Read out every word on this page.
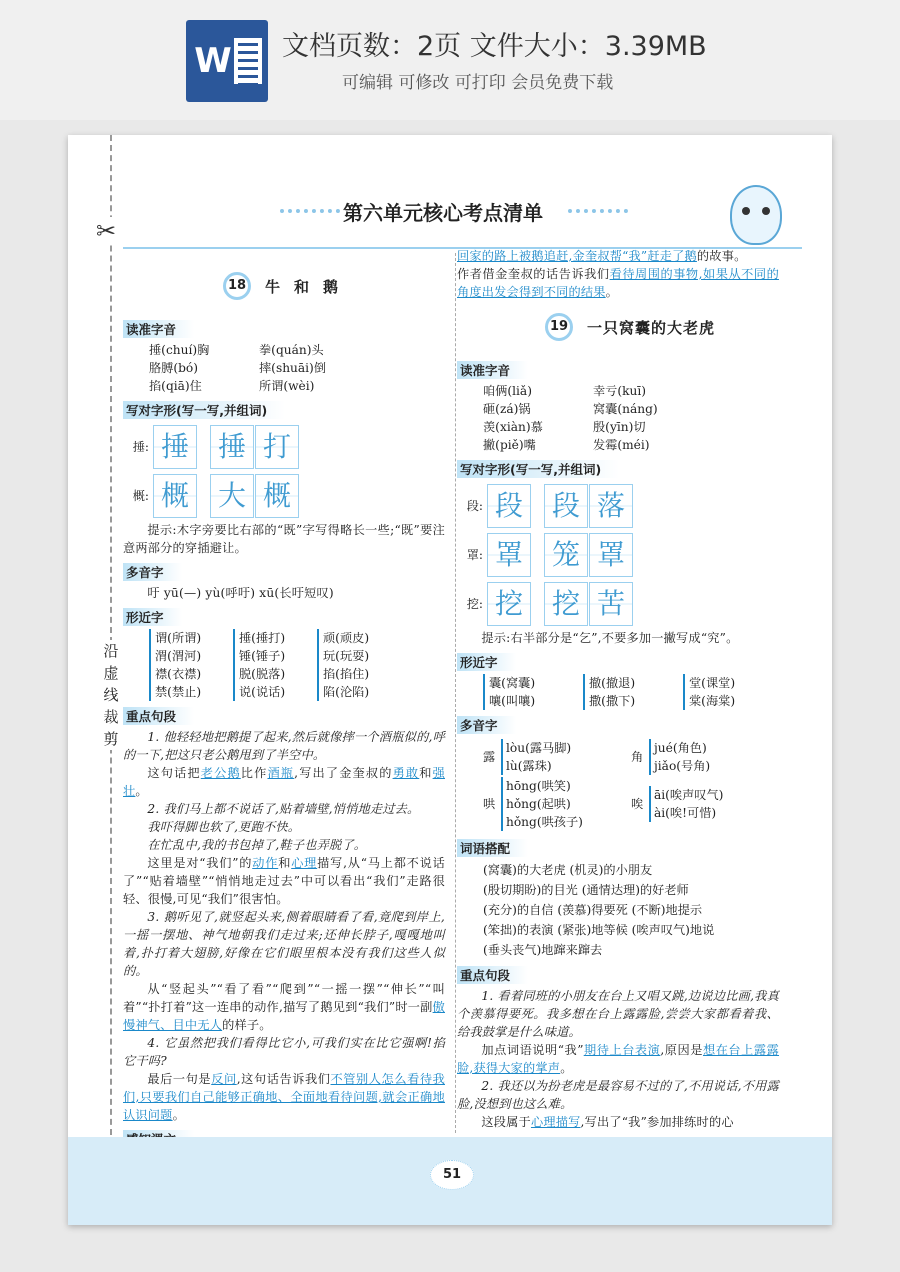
W 文档页数：2页 文件大小：3.39MB
可编辑 可修改 可打印 会员免费下载
✂
沿
虚
线
裁
剪
第六单元核心考点清单
18	牛和鹅
读准字音
捶(chuí)胸	拳(quán)头
胳膊(bó)	摔(shuāi)倒
掐(qiā)住	所谓(wèi)
写对字形(写一写,并组词)
捶: 捶 捶 打
概: 概 大 概

提示:木字旁要比右部的“既”字写得略长一些;“既”要注意两部分的穿插避让。

多音字

吁 yū(—) yù(呼吁) xū(长吁短叹)

形近字
谓(所谓)	捶(捶打)	顽(顽皮)
渭(渭河)	锤(锤子)	玩(玩耍)
襟(衣襟)	脱(脱落)	掐(掐住)
禁(禁止)	说(说话)	陷(沦陷)
重点句段

1. 他轻轻地把鹅提了起来,然后就像摔一个酒瓶似的,呼的一下,把这只老公鹅甩到了半空中。

这句话把老公鹅比作酒瓶,写出了金奎叔的勇敢和强壮。

2. 我们马上都不说话了,贴着墙壁,悄悄地走过去。

我吓得脚也软了,更跑不快。

在忙乱中,我的书包掉了,鞋子也弄脱了。

这里是对“我们”的动作和心理描写,从“马上都不说话了”“贴着墙壁”“悄悄地走过去”中可以看出“我们”走路很轻、很慢,可见“我们”很害怕。

3. 鹅听见了,就竖起头来,侧着眼睛看了看,竟爬到岸上,一摇一摆地、神气地朝我们走过来;还伸长脖子,嘎嘎地叫着,扑打着大翅膀,好像在它们眼里根本没有我们这些人似的。

从“竖起头”“看了看”“爬到”“一摇一摆”“伸长”“叫着”“扑打着”这一连串的动作,描写了鹅见到“我们”时一副傲慢神气、目中无人的样子。

4. 它虽然把我们看得比它小,可我们实在比它强啊!掐它干吗?

最后一句是反问,这句话告诉我们不管别人怎么看待我们,只要我们自己能够正确地、全面地看待问题,就会正确地认识问题。

回家的路上被鹅追赶,金奎叔帮“我”赶走了鹅的故事。

作者借金奎叔的话告诉我们看待周围的事物,如果从不同的角度出发会得到不同的结果。

19	一只窝囊的大老虎
读准字音
咱俩(liǎ)	幸亏(kuī)
砸(zá)锅	窝囊(náng)
羡(xiàn)慕	殷(yīn)切
撇(piě)嘴	发霉(méi)
写对字形(写一写,并组词)
段: 段 段 落
罩: 罩 笼 罩
挖: 挖 挖 苦

提示:右半部分是“乞”,不要多加一撇写成“究”。

形近字
囊(窝囊)	撤(撤退)	堂(课堂)
嚷(叫嚷)	撒(撒下)	棠(海棠)
多音字
露
lòu(露马脚)
lù(露珠)
角
jué(角色)
jiǎo(号角)
哄
hōng(哄笑)
hǒng(起哄)
hǒng(哄孩子)
唉
āi(唉声叹气)
ài(唉!可惜)
词语搭配
(窝囊)的大老虎 (机灵)的小朋友
(殷切期盼)的目光 (通情达理)的好老师
(充分)的自信 (羡慕)得要死 (不断)地提示
(笨拙)的表演 (紧张)地等候 (唉声叹气)地说
(垂头丧气)地蹿来蹿去
重点句段

1. 看着同班的小朋友在台上又唱又跳,边说边比画,我真个羡慕得要死。我多想在台上露露脸,尝尝大家都看着我、给我鼓掌是什么味道。

加点词语说明“我”期待上台表演,原因是想在台上露露脸,获得大家的掌声。

2. 我还以为扮老虎是最容易不过的了,不用说话,不用露脸,没想到也这么难。

这段属于心理描写,写出了“我”参加排练时的心

51
